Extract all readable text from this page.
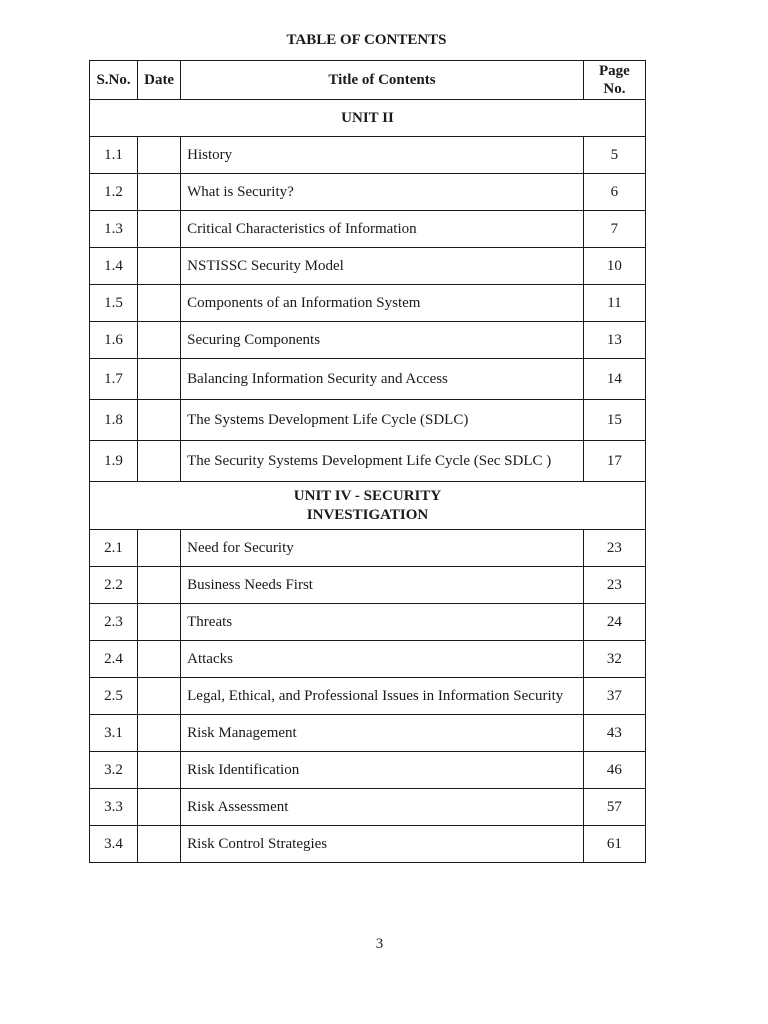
TABLE OF CONTENTS
S.No.	Date	Title of Contents	Page
No.
UNIT II			
1.1		History	5
1.2		What is Security?	6
1.3		Critical Characteristics of Information	7
1.4		NSTISSC Security Model	10
1.5		Components of an Information System	11
1.6		Securing Components	13
1.7		Balancing Information Security and Access	14
1.8		The Systems Development Life Cycle (SDLC)	15
1.9		The Security Systems Development Life Cycle (Sec SDLC )	17
UNIT IV - SECURITY
INVESTIGATION			
2.1		Need for Security	23
2.2		Business Needs First	23
2.3		Threats	24
2.4		Attacks	32
2.5		Legal, Ethical, and Professional Issues in Information Security	37
3.1		Risk Management	43
3.2		Risk Identification	46
3.3		Risk Assessment	57
3.4		Risk Control Strategies	61
3
